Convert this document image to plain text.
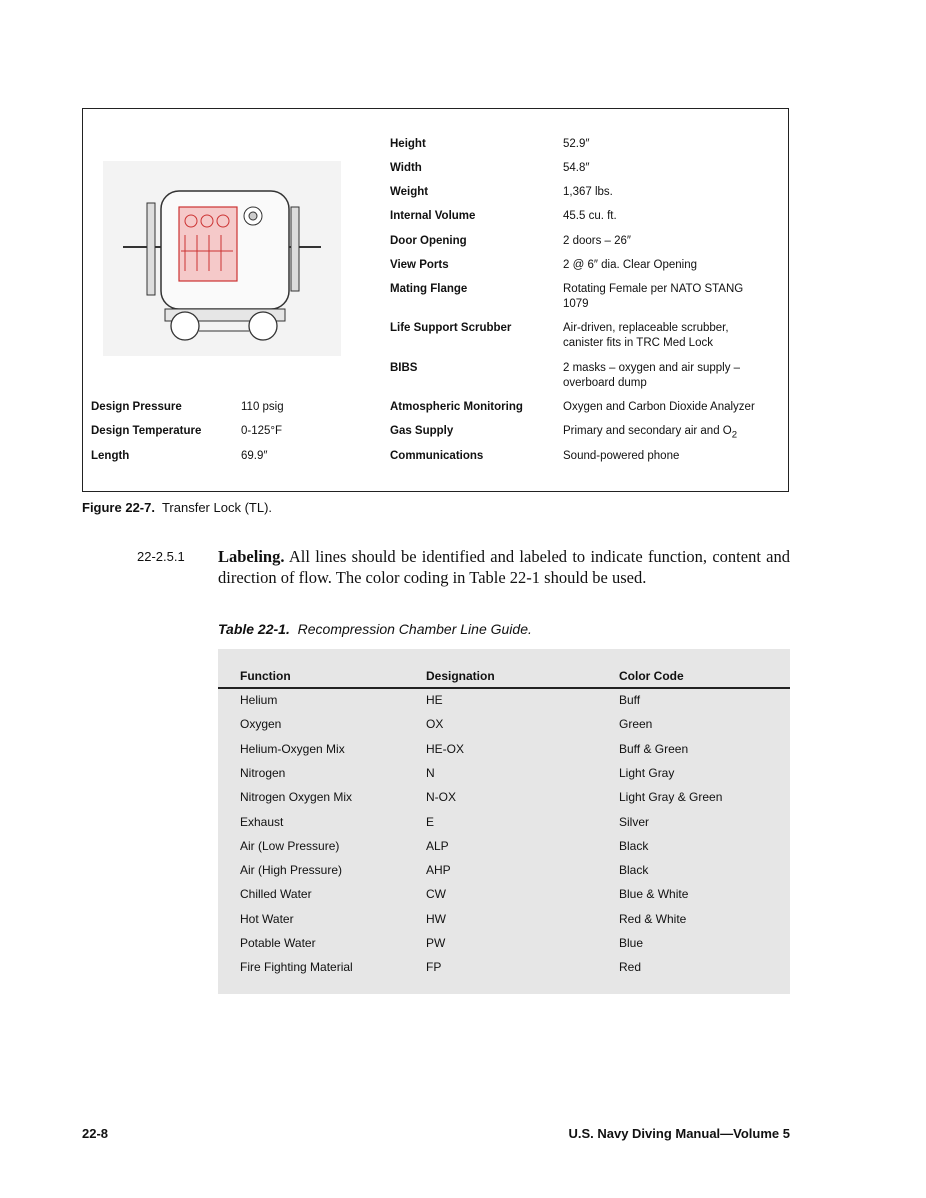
Height	52.9″
Width	54.8″
Weight	1,367 lbs.
Internal Volume	45.5 cu. ft.
Door Opening	2 doors – 26″
View Ports	2 @ 6″ dia. Clear Opening
Mating Flange	Rotating Female per NATO STANG 1079
Life Support Scrubber	Air-driven, replaceable scrubber, canister fits in TRC Med Lock
BIBS	2 masks – oxygen and air supply – overboard dump
Atmospheric Monitoring	Oxygen and Carbon Dioxide Analyzer
Gas Supply	Primary and secondary air and $O_2$
Communications	Sound-powered phone
Design Pressure	110 psig
Design Temperature	0-125°F
Length	69.9″
Figure 22-7. Transfer Lock (TL).
22-2.5.1 Labeling. All lines should be identified and labeled to indicate function, content and direction of flow. The color coding in Table 22-1 should be used.
Table 22-1. Recompression Chamber Line Guide.
Function	Designation	Color Code
Helium	HE	Buff
Oxygen	OX	Green
Helium-Oxygen Mix	HE-OX	Buff & Green
Nitrogen	N	Light Gray
Nitrogen Oxygen Mix	N-OX	Light Gray & Green
Exhaust	E	Silver
Air (Low Pressure)	ALP	Black
Air (High Pressure)	AHP	Black
Chilled Water	CW	Blue & White
Hot Water	HW	Red & White
Potable Water	PW	Blue
Fire Fighting Material	FP	Red
22-8	U.S. Navy Diving Manual—Volume 5
